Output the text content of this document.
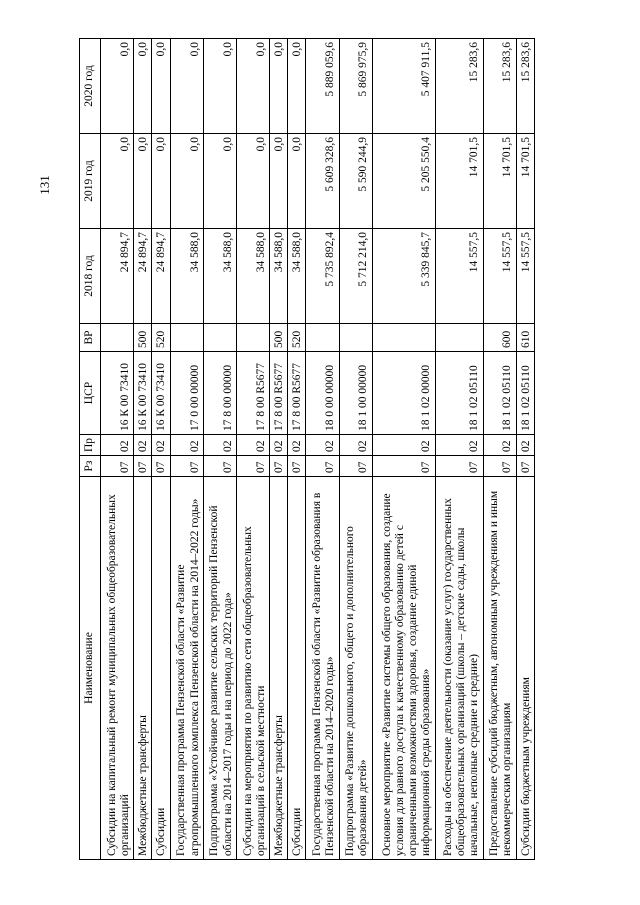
131
Наименование	Рз	Пр	ЦСР	ВР	2018 год	2019 год	2020 год
Субсидии на капитальный ремонт муниципальных общеобразовательных организаций	07	02	16 К 00 73410		24 894,7	0,0	0,0
Межбюджетные трансферты	07	02	16 К 00 73410	500	24 894,7	0,0	0,0
Субсидии	07	02	16 К 00 73410	520	24 894,7	0,0	0,0
Государственная программа Пензенской области «Развитие агропромышленного комплекса Пензенской области на 2014–2022 годы»	07	02	17 0 00 00000		34 588,0	0,0	0,0
Подпрограмма «Устойчивое развитие сельских территорий Пензенской области на 2014–2017 годы и на период до 2022 года»	07	02	17 8 00 00000		34 588,0	0,0	0,0
Субсидии на мероприятия по развитию сети общеобразовательных организаций в сельской местности	07	02	17 8 00 R5677		34 588,0	0,0	0,0
Межбюджетные трансферты	07	02	17 8 00 R5677	500	34 588,0	0,0	0,0
Субсидии	07	02	17 8 00 R5677	520	34 588,0	0,0	0,0
Государственная программа Пензенской области «Развитие образования в Пензенской области на 2014–2020 годы»	07	02	18 0 00 00000		5 735 892,4	5 609 328,6	5 889 059,6
Подпрограмма «Развитие дошкольного, общего и дополнительного образования детей»	07	02	18 1 00 00000		5 712 214,0	5 590 244,9	5 869 975,9
Основное мероприятие «Развитие системы общего образования, создание условия для равного доступа к качественному образованию детей с ограниченными возможностями здоровья, создание единой информационной среды образования»	07	02	18 1 02 00000		5 339 845,7	5 205 550,4	5 407 911,5
Расходы на обеспечение деятельности (оказание услуг) государственных общеобразовательных организаций (школы – детские сады, школы начальные, неполные средние и средние)	07	02	18 1 02 05110		14 557,5	14 701,5	15 283,6
Предоставление субсидий бюджетным, автономным учреждениям и иным некоммерческим организациям	07	02	18 1 02 05110	600	14 557,5	14 701,5	15 283,6
Субсидии бюджетным учреждениям	07	02	18 1 02 05110	610	14 557,5	14 701,5	15 283,6
